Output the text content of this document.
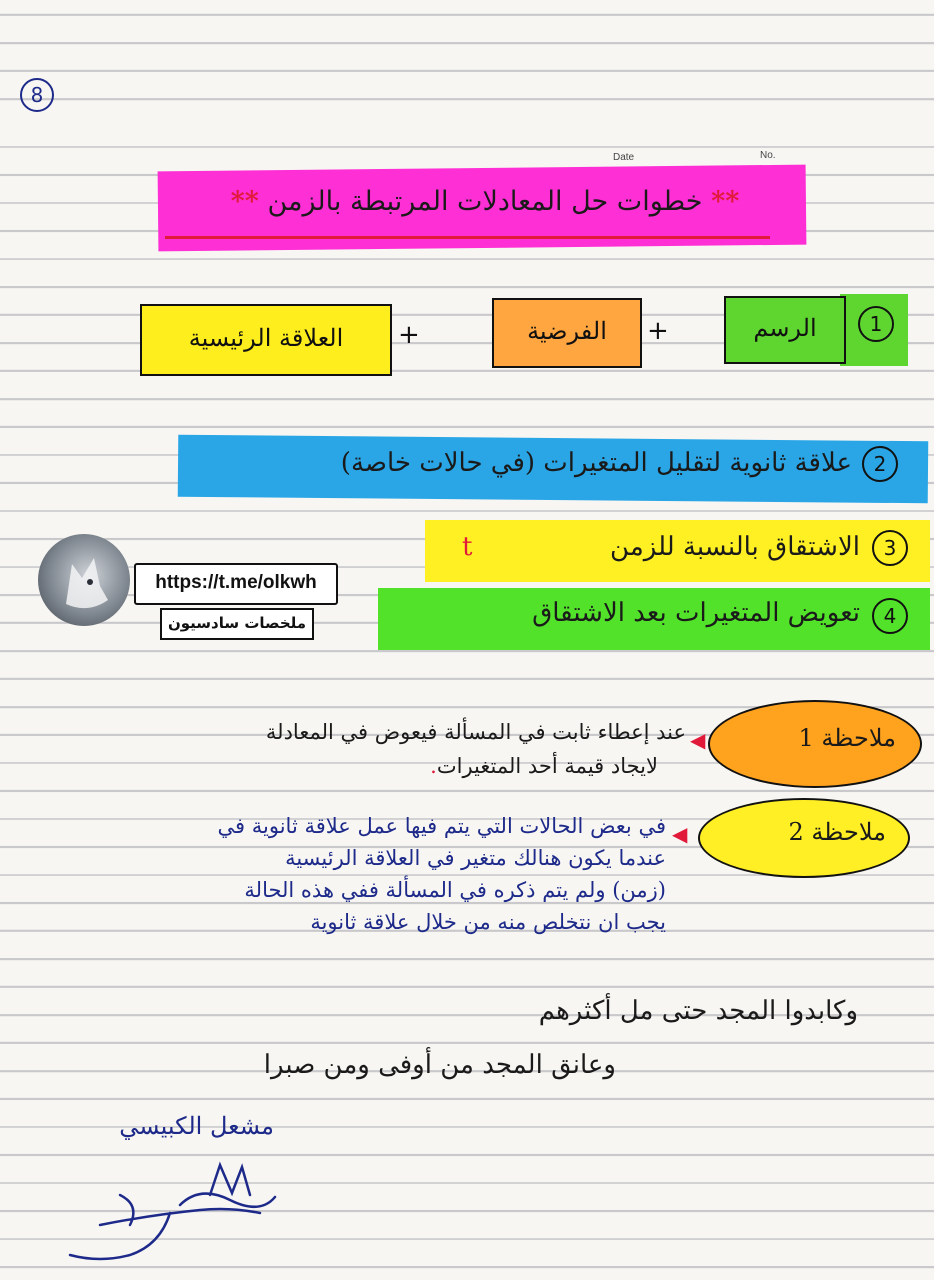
8
Date	No.
** خطوات حل المعادلات المرتبطة بالزمن **
1
الرسم
+
الفرضية
+
العلاقة الرئيسية
2
علاقة ثانوية لتقليل المتغيرات (في حالات خاصة)
3
الاشتقاق بالنسبة للزمن
t
4
تعويض المتغيرات بعد الاشتقاق
https://t.me/olkwh
ملخصات سادسيون
ملاحظة 1
◀
عند إعطاء ثابت في المسألة فيعوض في المعادلة
لايجاد قيمة أحد المتغيرات.
ملاحظة 2
◀
في بعض الحالات التي يتم فيها عمل علاقة ثانوية في
عندما يكون هنالك متغير في العلاقة الرئيسية
(زمن) ولم يتم ذكره في المسألة ففي هذه الحالة
يجب ان نتخلص منه من خلال علاقة ثانوية
وكابدوا المجد حتى مل أكثرهم
وعانق المجد من أوفى ومن صبرا
مشعل الكبيسي
